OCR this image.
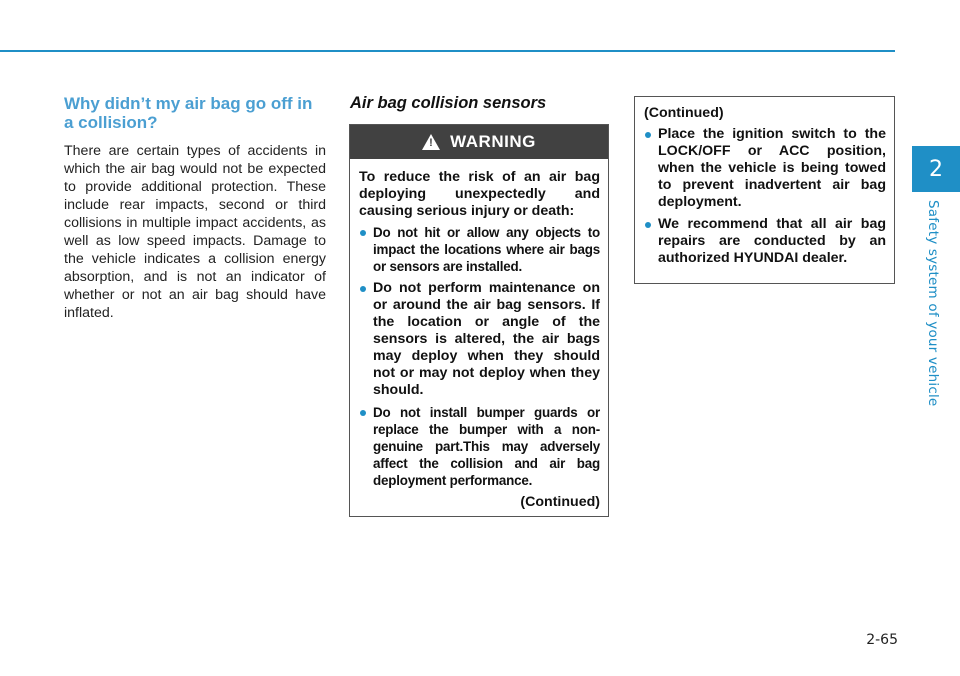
2
Safety system of your vehicle
Why didn’t my air bag go off in a collision?

There are certain types of accidents in which the air bag would not be expected to provide additional protection. These include rear impacts, second or third collisions in multiple impact accidents, as well as low speed impacts. Damage to the vehicle indicates a collision energy absorption, and is not an indicator of whether or not an air bag should have inflated.

Air bag collision sensors
! WARNING

To reduce the risk of an air bag deploying unexpectedly and causing serious injury or death:

Do not hit or allow any objects to impact the locations where air bags or sensors are installed.
Do not perform maintenance on or around the air bag sensors. If the location or angle of the sensors is altered, the air bags may deploy when they should not or may not deploy when they should.
Do not install bumper guards or replace the bumper with a non-genuine part.This may adversely affect the collision and air bag deployment performance.
(Continued)
(Continued)
Place the ignition switch to the LOCK/OFF or ACC position, when the vehicle is being towed to prevent inadvertent air bag deployment.
We recommend that all air bag repairs are conducted by an authorized HYUNDAI dealer.
2-65
